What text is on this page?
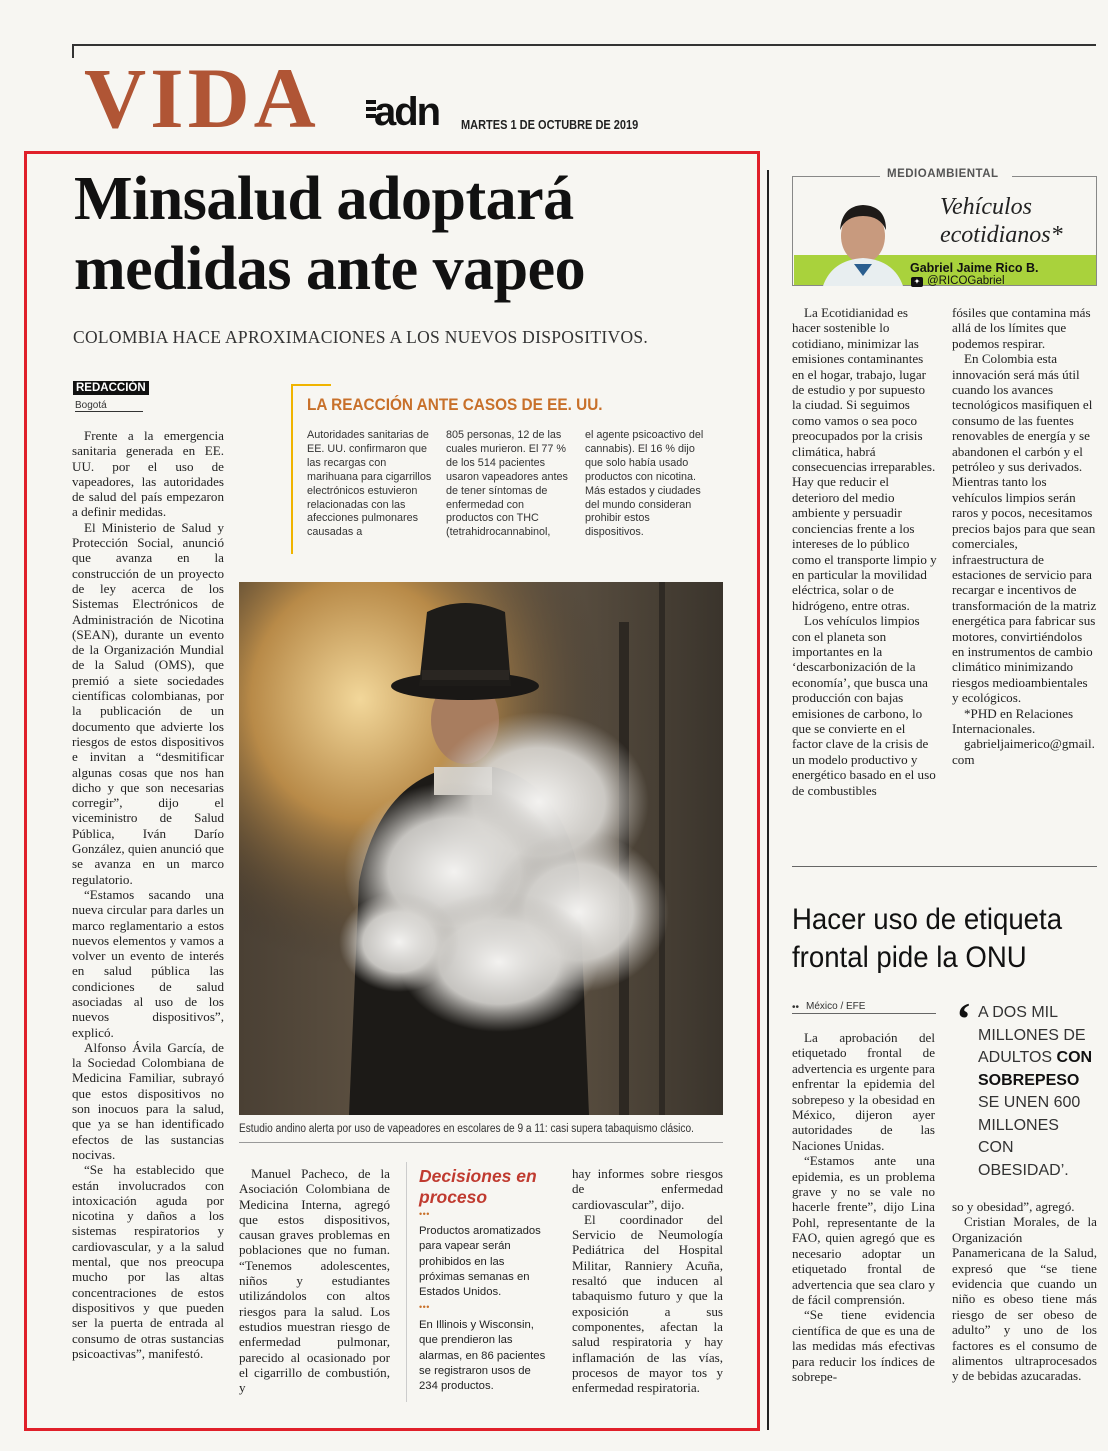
VIDA adn MARTES 1 DE OCTUBRE DE 2019
Minsalud adoptará
medidas ante vapeo
COLOMBIA HACE APROXIMACIONES A LOS NUEVOS DISPOSITIVOS.
REDACCIÓN
Bogotá

Frente a la emergencia sanitaria generada en EE. UU. por el uso de vapeadores, las autoridades de salud del país empezaron a definir medidas.

El Ministerio de Salud y Protección Social, anunció que avanza en la construcción de un proyecto de ley acerca de los Sistemas Electrónicos de Administración de Nicotina (SEAN), durante un evento de la Organización Mundial de la Salud (OMS), que premió a siete sociedades científicas colombianas, por la publicación de un documento que advierte los riesgos de estos dispositivos e invitan a “desmitificar algunas cosas que nos han dicho y que son necesarias corregir”, dijo el viceministro de Salud Pública, Iván Darío González, quien anunció que se avanza en un marco regulatorio.

“Estamos sacando una nueva circular para darles un marco reglamentario a estos nuevos elementos y vamos a volver un evento de interés en salud pública las condiciones de salud asociadas al uso de los nuevos dispositivos”, explicó.

Alfonso Ávila García, de la Sociedad Colombiana de Medicina Familiar, subrayó que estos dispositivos no son inocuos para la salud, que ya se han identificado efectos de las sustancias nocivas.

“Se ha establecido que están involucrados con intoxicación aguda por nicotina y daños a los sistemas respiratorios y cardiovascular, y a la salud mental, que nos preocupa mucho por las altas concentraciones de estos dispositivos y que pueden ser la puerta de entrada al consumo de otras sustancias psicoactivas”, manifestó.

LA REACCIÓN ANTE CASOS DE EE. UU.
Autoridades sanitarias de EE. UU. confirmaron que las recargas con marihuana para cigarrillos electrónicos estuvieron relacionadas con las afecciones pulmonares causadas a
805 personas, 12 de las cuales murieron. El 77 % de los 514 pacientes usaron vapeadores antes de tener síntomas de enfermedad con productos con THC (tetrahidrocannabinol,
el agente psicoactivo del cannabis). El 16 % dijo que solo había usado productos con nicotina. Más estados y ciudades del mundo consideran prohibir estos dispositivos.
Estudio andino alerta por uso de vapeadores en escolares de 9 a 11: casi supera tabaquismo clásico.

Manuel Pacheco, de la Asociación Colombiana de Medicina Interna, agregó que estos dispositivos, causan graves problemas en poblaciones que no fuman. “Tenemos adolescentes, niños y estudiantes utilizándolos con altos riesgos para la salud. Los estudios muestran riesgo de enfermedad pulmonar, parecido al ocasionado por el cigarrillo de combustión, y

Decisiones en
proceso
• • •
Productos aromatizados para vapear serán prohibidos en las próximas semanas en Estados Unidos.
• • •
En Illinois y Wisconsin, que prendieron las alarmas, en 86 pacientes se registraron usos de 234 productos.

hay informes sobre riesgos de enfermedad cardiovascular”, dijo.

El coordinador del Servicio de Neumología Pediátrica del Hospital Militar, Ranniery Acuña, resaltó que inducen al tabaquismo futuro y que la exposición a sus componentes, afectan la salud respiratoria y hay inflamación de las vías, procesos de mayor tos y enfermedad respiratoria.

MEDIOAMBIENTAL
Vehículos
ecotidianos*
Gabriel Jaime Rico B.
✦ @RICOGabriel

La Ecotidianidad es hacer sostenible lo cotidiano, minimizar las emisiones contaminantes en el hogar, trabajo, lugar de estudio y por supuesto la ciudad. Si seguimos como vamos o sea poco preocupados por la crisis climática, habrá consecuencias irreparables. Hay que reducir el deterioro del medio ambiente y persuadir conciencias frente a los intereses de lo público como el transporte limpio y en particular la movilidad eléctrica, solar o de hidrógeno, entre otras.

Los vehículos limpios con el planeta son importantes en la ‘descarbonización de la economía’, que busca una producción con bajas emisiones de carbono, lo que se convierte en el factor clave de la crisis de un modelo productivo y energético basado en el uso de combustibles

fósiles que contamina más allá de los límites que podemos respirar.

En Colombia esta innovación será más útil cuando los avances tecnológicos masifiquen el consumo de las fuentes renovables de energía y se abandonen el carbón y el petróleo y sus derivados. Mientras tanto los vehículos limpios serán raros y pocos, necesitamos precios bajos para que sean comerciales, infraestructura de estaciones de servicio para recargar e incentivos de transformación de la matriz energética para fabricar sus motores, convirtiéndolos en instrumentos de cambio climático minimizando riesgos medioambientales y ecológicos.

*PHD en Relaciones Internacionales.

gabrieljaimerico@gmail.com

Hacer uso de etiqueta
frontal pide la ONU
•• México / EFE

La aprobación del etiquetado frontal de advertencia es urgente para enfrentar la epidemia del sobrepeso y la obesidad en México, dijeron ayer autoridades de las Naciones Unidas.

“Estamos ante una epidemia, es un problema grave y no se vale no hacerle frente”, dijo Lina Pohl, representante de la FAO, quien agregó que es necesario adoptar un etiquetado frontal de advertencia que sea claro y de fácil comprensión.

“Se tiene evidencia científica de que es una de las medidas más efectivas para reducir los índices de sobrepe-

‘ A DOS MIL MILLONES DE ADULTOS CON SOBREPESO SE UNEN 600 MILLONES CON OBESIDAD’.

so y obesidad”, agregó.

Cristian Morales, de la Organización Panamericana de la Salud, expresó que “se tiene evidencia que cuando un niño es obeso tiene más riesgo de ser obeso de adulto” y uno de los factores es el consumo de alimentos ultraprocesados y de bebidas azucaradas.
